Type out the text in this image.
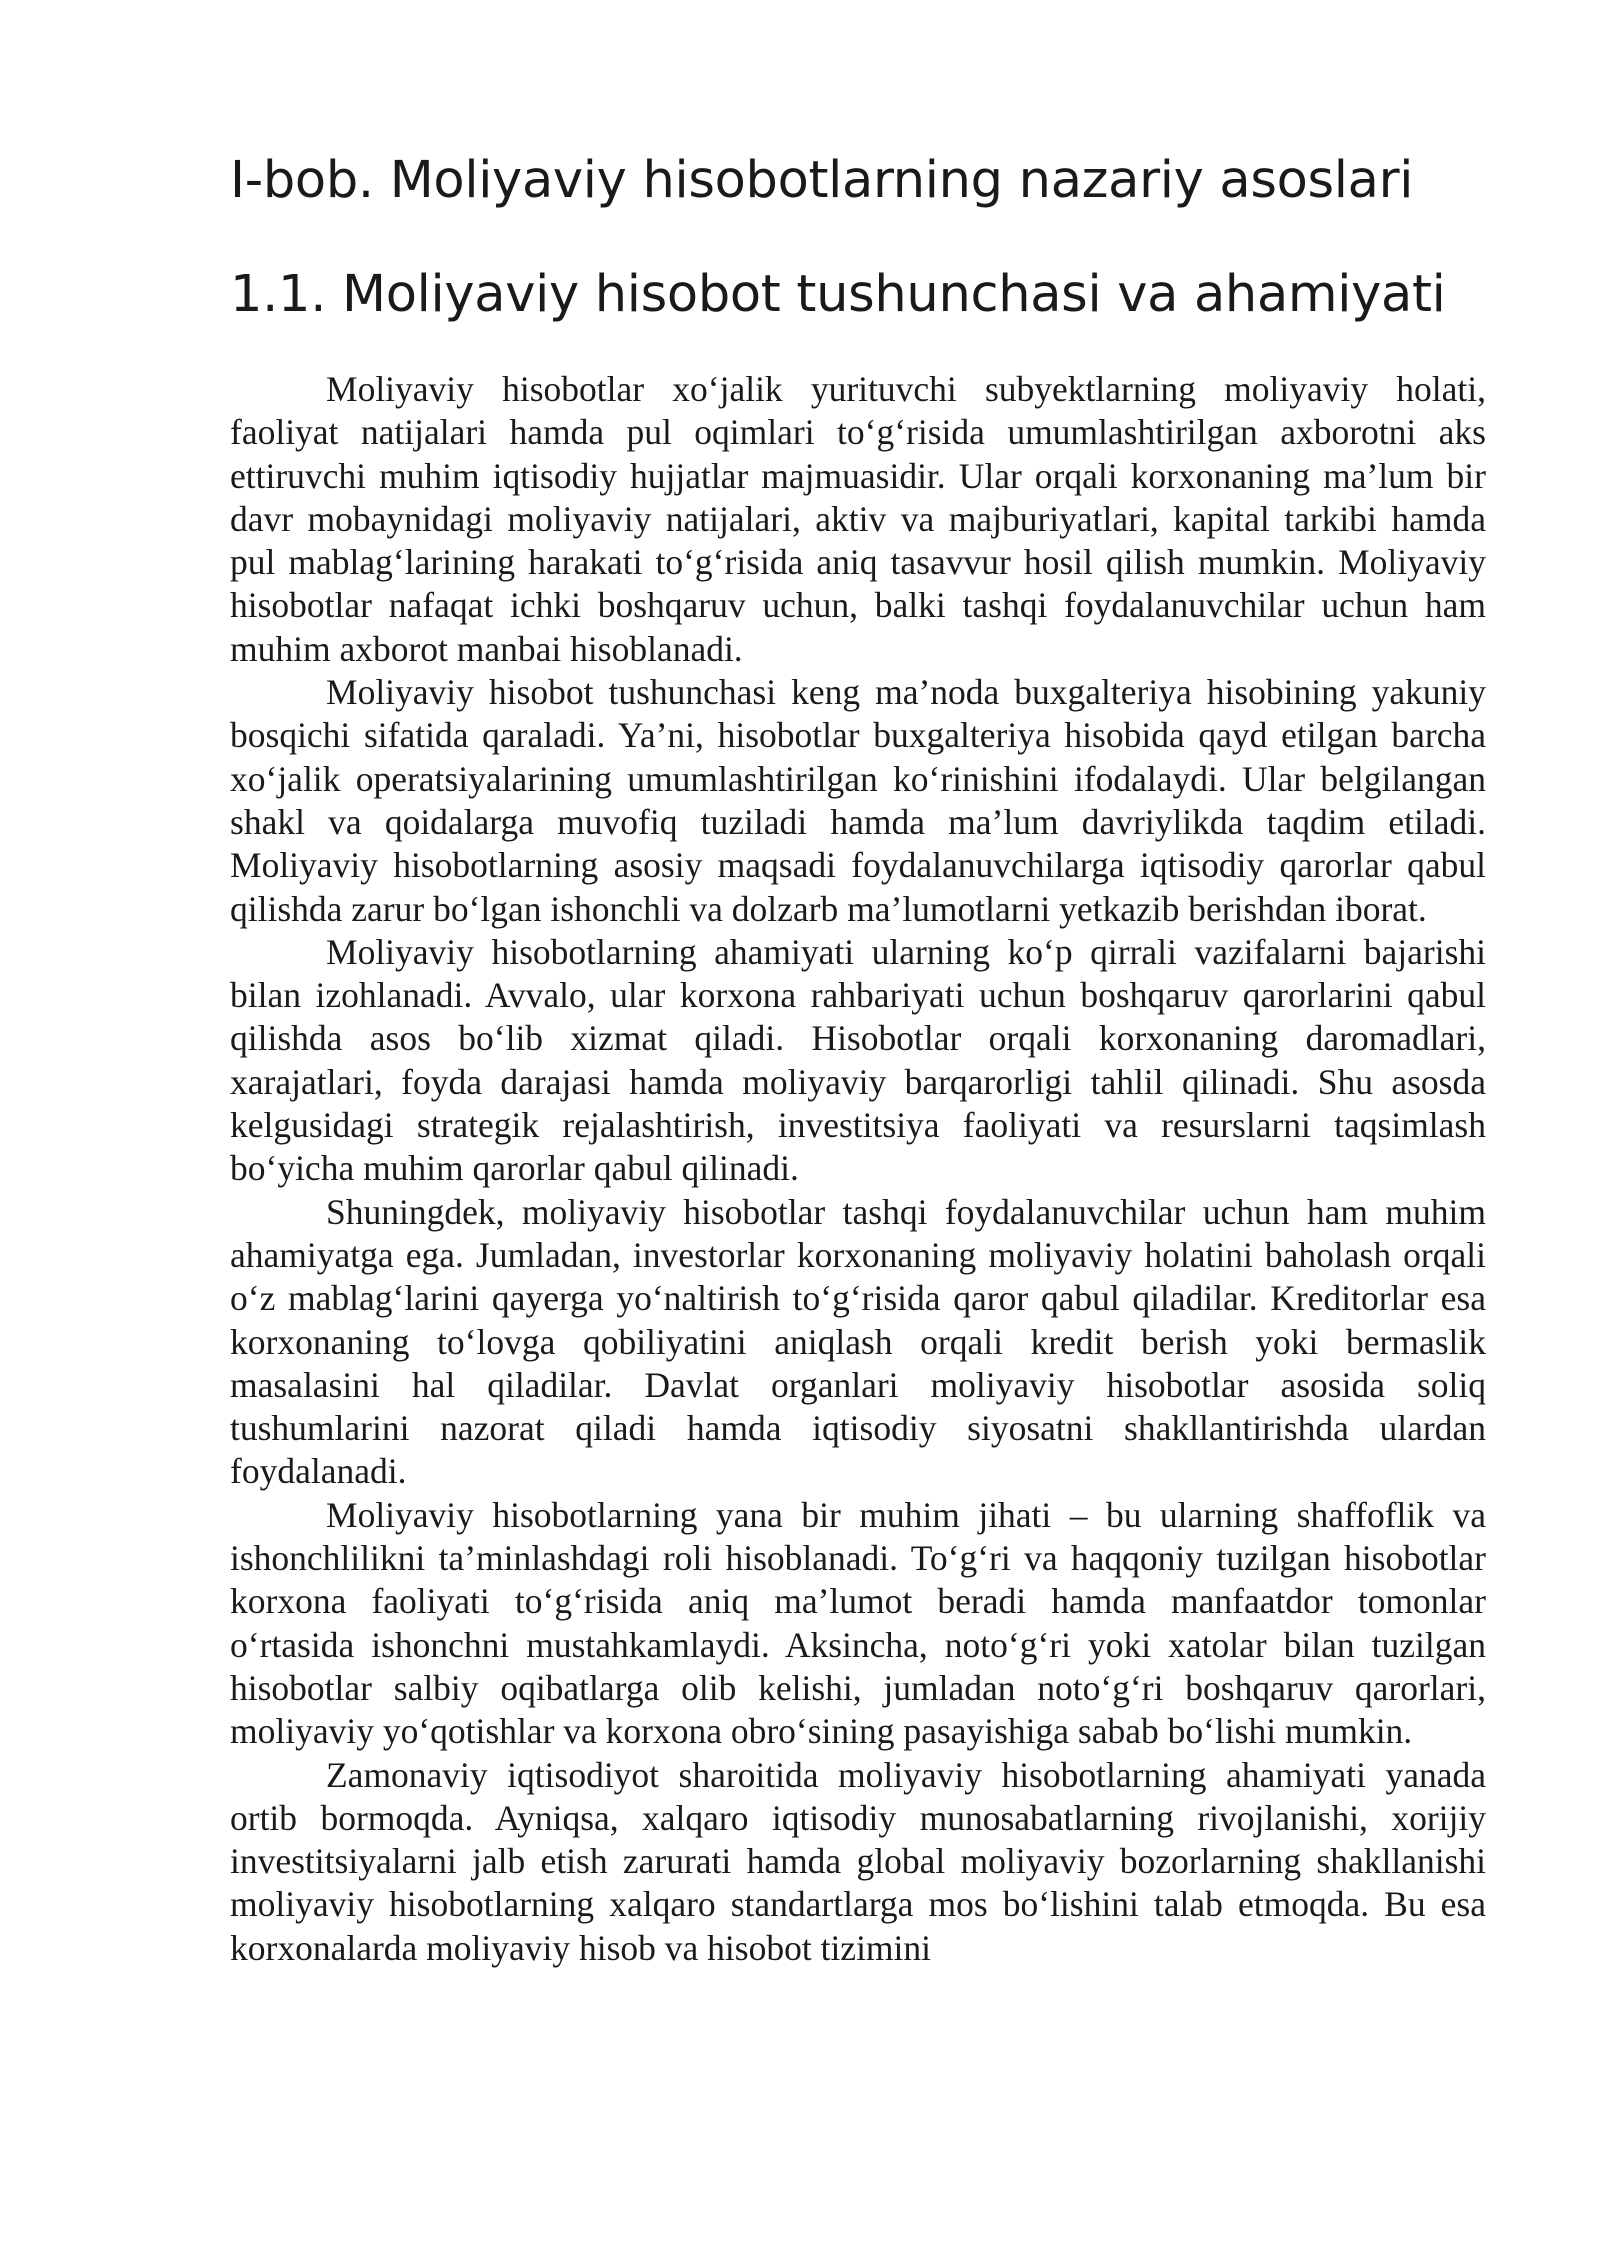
I-bob. Moliyaviy hisobotlarning nazariy asoslari
1.1. Moliyaviy hisobot tushunchasi va ahamiyati

Moliyaviy hisobotlar xo‘jalik yurituvchi subyektlarning moliyaviy holati, faoliyat natijalari hamda pul oqimlari to‘g‘risida umumlashtirilgan axborotni aks ettiruvchi muhim iqtisodiy hujjatlar majmuasidir. Ular orqali korxonaning ma’lum bir davr mobaynidagi moliyaviy natijalari, aktiv va majburiyatlari, kapital tarkibi hamda pul mablag‘larining harakati to‘g‘risida aniq tasavvur hosil qilish mumkin. Moliyaviy hisobotlar nafaqat ichki boshqaruv uchun, balki tashqi foydalanuvchilar uchun ham muhim axborot manbai hisoblanadi.

Moliyaviy hisobot tushunchasi keng ma’noda buxgalteriya hisobining yakuniy bosqichi sifatida qaraladi. Ya’ni, hisobotlar buxgalteriya hisobida qayd etilgan barcha xo‘jalik operatsiyalarining umumlashtirilgan ko‘rinishini ifodalaydi. Ular belgilangan shakl va qoidalarga muvofiq tuziladi hamda ma’lum davriylikda taqdim etiladi. Moliyaviy hisobotlarning asosiy maqsadi foydalanuvchilarga iqtisodiy qarorlar qabul qilishda zarur bo‘lgan ishonchli va dolzarb ma’lumotlarni yetkazib berishdan iborat.

Moliyaviy hisobotlarning ahamiyati ularning ko‘p qirrali vazifalarni bajarishi bilan izohlanadi. Avvalo, ular korxona rahbariyati uchun boshqaruv qarorlarini qabul qilishda asos bo‘lib xizmat qiladi. Hisobotlar orqali korxonaning daromadlari, xarajatlari, foyda darajasi hamda moliyaviy barqarorligi tahlil qilinadi. Shu asosda kelgusidagi strategik rejalashtirish, investitsiya faoliyati va resurslarni taqsimlash bo‘yicha muhim qarorlar qabul qilinadi.

Shuningdek, moliyaviy hisobotlar tashqi foydalanuvchilar uchun ham muhim ahamiyatga ega. Jumladan, investorlar korxonaning moliyaviy holatini baholash orqali o‘z mablag‘larini qayerga yo‘naltirish to‘g‘risida qaror qabul qiladilar. Kreditorlar esa korxonaning to‘lovga qobiliyatini aniqlash orqali kredit berish yoki bermaslik masalasini hal qiladilar. Davlat organlari moliyaviy hisobotlar asosida soliq tushumlarini nazorat qiladi hamda iqtisodiy siyosatni shakllantirishda ulardan foydalanadi.

Moliyaviy hisobotlarning yana bir muhim jihati – bu ularning shaffoflik va ishonchlilikni ta’minlashdagi roli hisoblanadi. To‘g‘ri va haqqoniy tuzilgan hisobotlar korxona faoliyati to‘g‘risida aniq ma’lumot beradi hamda manfaatdor tomonlar o‘rtasida ishonchni mustahkamlaydi. Aksincha, noto‘g‘ri yoki xatolar bilan tuzilgan hisobotlar salbiy oqibatlarga olib kelishi, jumladan noto‘g‘ri boshqaruv qarorlari, moliyaviy yo‘qotishlar va korxona obro‘sining pasayishiga sabab bo‘lishi mumkin.

Zamonaviy iqtisodiyot sharoitida moliyaviy hisobotlarning ahamiyati yanada ortib bormoqda. Ayniqsa, xalqaro iqtisodiy munosabatlarning rivojlanishi, xorijiy investitsiyalarni jalb etish zarurati hamda global moliyaviy bozorlarning shakllanishi moliyaviy hisobotlarning xalqaro standartlarga mos bo‘lishini talab etmoqda. Bu esa korxonalarda moliyaviy hisob va hisobot tizimini
